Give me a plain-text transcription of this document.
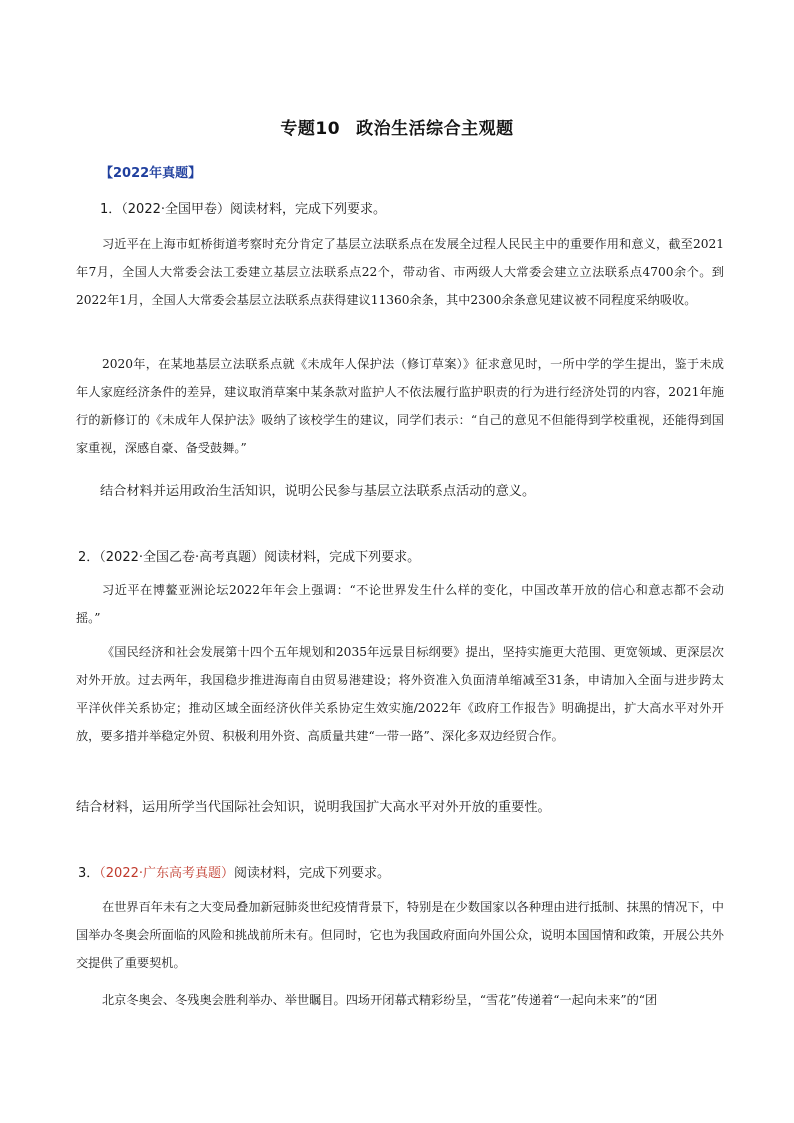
专题10 政治生活综合主观题
【2022年真题】
1．（2022·全国甲卷）阅读材料，完成下列要求。
习近平在上海市虹桥街道考察时充分肯定了基层立法联系点在发展全过程人民民主中的重要作用和意义，截至2021年7月，全国人大常委会法工委建立基层立法联系点22个，带动省、市两级人大常委会建立立法联系点4700余个。到2022年1月，全国人大常委会基层立法联系点获得建议11360余条，其中2300余条意见建议被不同程度采纳吸收。
2020年，在某地基层立法联系点就《未成年人保护法（修订草案）》征求意见时，一所中学的学生提出，鉴于未成年人家庭经济条件的差异，建议取消草案中某条款对监护人不依法履行监护职责的行为进行经济处罚的内容，2021年施行的新修订的《未成年人保护法》吸纳了该校学生的建议，同学们表示：“自己的意见不但能得到学校重视，还能得到国家重视，深感自豪、备受鼓舞。”
结合材料并运用政治生活知识，说明公民参与基层立法联系点活动的意义。
2．（2022·全国乙卷·高考真题）阅读材料，完成下列要求。
习近平在博鳌亚洲论坛2022年年会上强调：“不论世界发生什么样的变化，中国改革开放的信心和意志都不会动摇。”
《国民经济和社会发展第十四个五年规划和2035年远景目标纲要》提出，坚持实施更大范围、更宽领域、更深层次对外开放。过去两年，我国稳步推进海南自由贸易港建设；将外资准入负面清单缩减至31条，申请加入全面与进步跨太平洋伙伴关系协定；推动区域全面经济伙伴关系协定生效实施/2022年《政府工作报告》明确提出，扩大高水平对外开放，要多措并举稳定外贸、积极利用外资、高质量共建“一带一路”、深化多双边经贸合作。
结合材料，运用所学当代国际社会知识，说明我国扩大高水平对外开放的重要性。
3．（2022·广东高考真题）阅读材料，完成下列要求。
在世界百年未有之大变局叠加新冠肺炎世纪疫情背景下，特别是在少数国家以各种理由进行抵制、抹黑的情况下，中国举办冬奥会所面临的风险和挑战前所未有。但同时，它也为我国政府面向外国公众，说明本国国情和政策，开展公共外交提供了重要契机。
北京冬奥会、冬残奥会胜利举办、举世瞩目。四场开闭幕式精彩纷呈，“雪花”传递着“一起向未来”的“团
